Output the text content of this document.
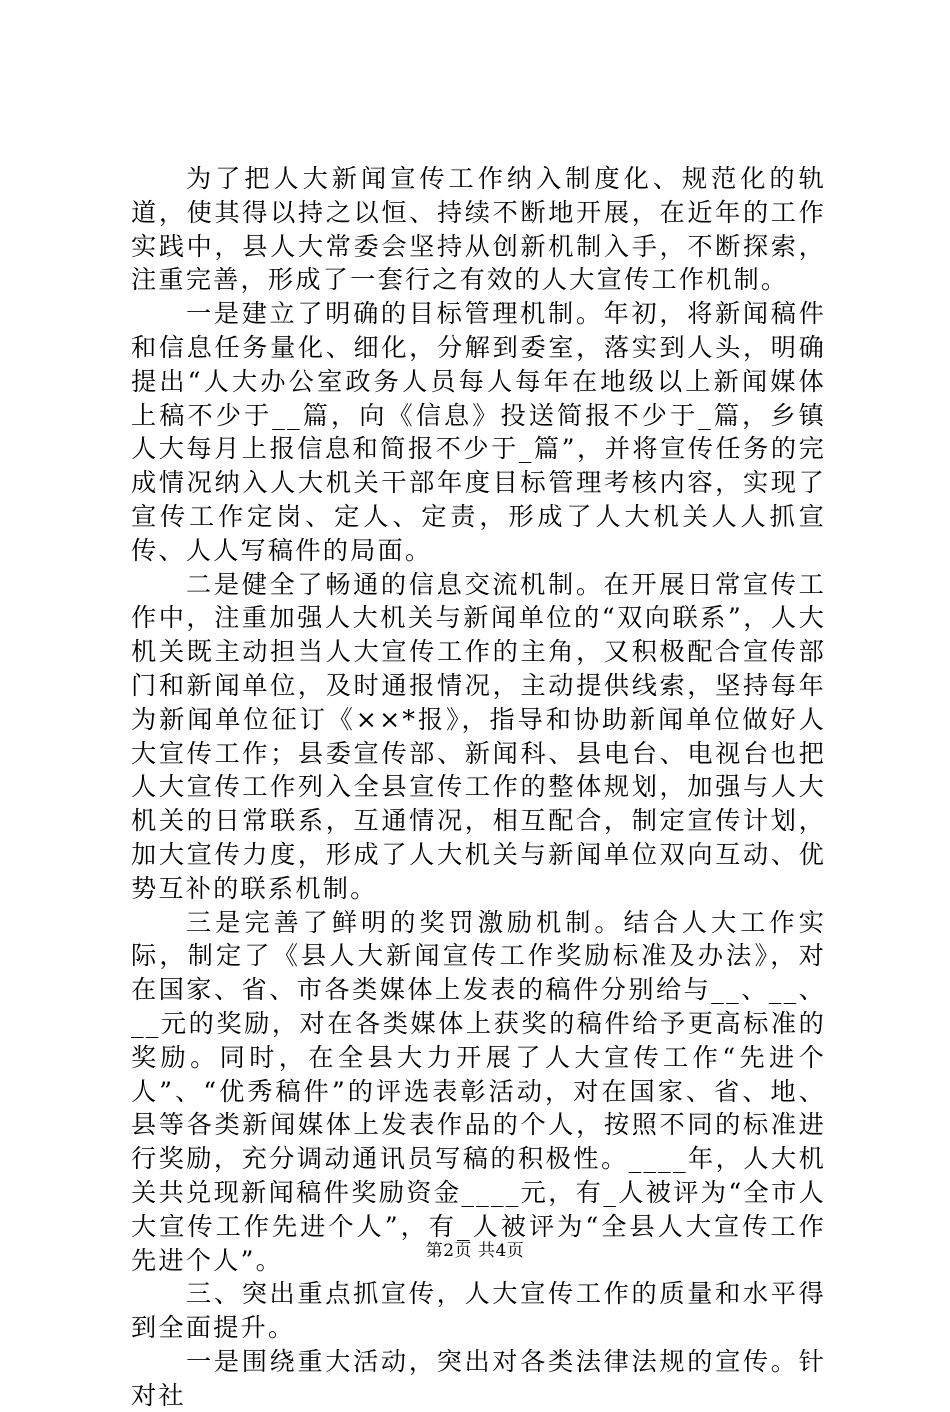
为了把人大新闻宣传工作纳入制度化、规范化的轨道，使其得以持之以恒、持续不断地开展，在近年的工作实践中，县人大常委会坚持从创新机制入手，不断探索，注重完善，形成了一套行之有效的人大宣传工作机制。

一是建立了明确的目标管理机制。年初，将新闻稿件和信息任务量化、细化，分解到委室，落实到人头，明确提出“人大办公室政务人员每人每年在地级以上新闻媒体上稿不少于__篇，向《信息》投送简报不少于_篇，乡镇人大每月上报信息和简报不少于_篇”，并将宣传任务的完成情况纳入人大机关干部年度目标管理考核内容，实现了宣传工作定岗、定人、定责，形成了人大机关人人抓宣传、人人写稿件的局面。

二是健全了畅通的信息交流机制。在开展日常宣传工作中，注重加强人大机关与新闻单位的“双向联系”，人大机关既主动担当人大宣传工作的主角，又积极配合宣传部门和新闻单位，及时通报情况，主动提供线索，坚持每年为新闻单位征订《××*报》，指导和协助新闻单位做好人大宣传工作；县委宣传部、新闻科、县电台、电视台也把人大宣传工作列入全县宣传工作的整体规划，加强与人大机关的日常联系，互通情况，相互配合，制定宣传计划，加大宣传力度，形成了人大机关与新闻单位双向互动、优势互补的联系机制。

三是完善了鲜明的奖罚激励机制。结合人大工作实际，制定了《县人大新闻宣传工作奖励标准及办法》，对在国家、省、市各类媒体上发表的稿件分别给与__、__、__元的奖励，对在各类媒体上获奖的稿件给予更高标准的奖励。同时，在全县大力开展了人大宣传工作“先进个人”、“优秀稿件”的评选表彰活动，对在国家、省、地、县等各类新闻媒体上发表作品的个人，按照不同的标准进行奖励，充分调动通讯员写稿的积极性。____年，人大机关共兑现新闻稿件奖励资金____元，有_人被评为“全市人大宣传工作先进个人”，有_人被评为“全县人大宣传工作先进个人”。

三、突出重点抓宣传，人大宣传工作的质量和水平得到全面提升。

一是围绕重大活动，突出对各类法律法规的宣传。针对社

第2页 共4页
